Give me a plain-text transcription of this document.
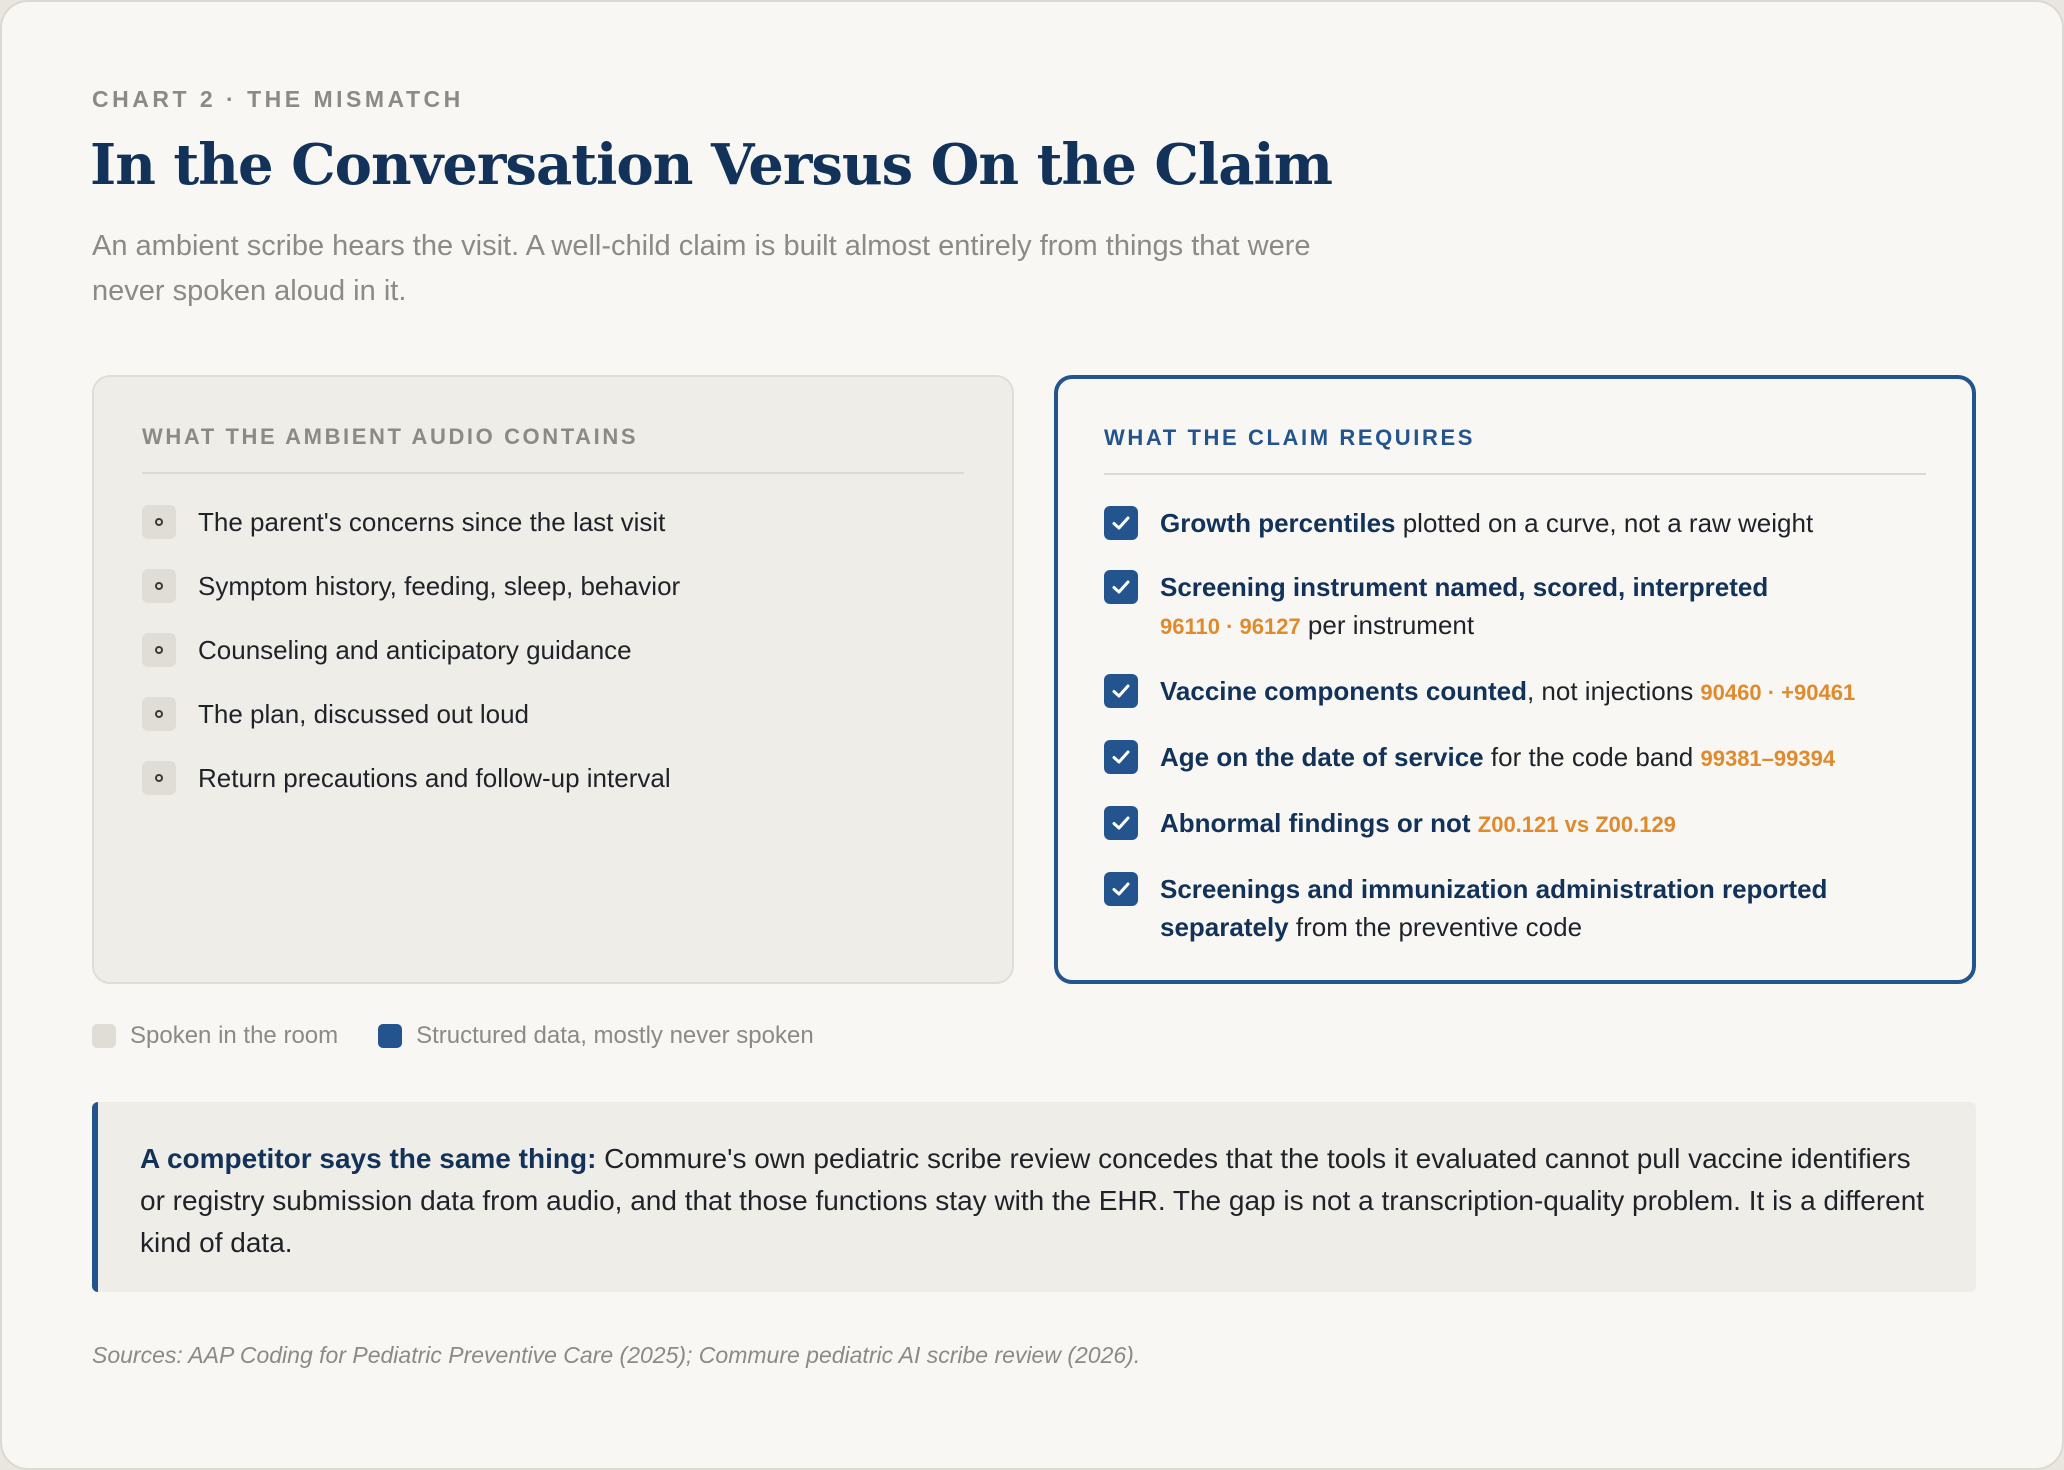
CHART 2 · THE MISMATCH
In the Conversation Versus On the Claim

An ambient scribe hears the visit. A well-child claim is built almost entirely from things that were never spoken aloud in it.

WHAT THE AMBIENT AUDIO CONTAINS
The parent's concerns since the last visit
Symptom history, feeding, sleep, behavior
Counseling and anticipatory guidance
The plan, discussed out loud
Return precautions and follow-up interval
WHAT THE CLAIM REQUIRES
Growth percentiles plotted on a curve, not a raw weight
Screening instrument named, scored, interpreted
96110 · 96127 per instrument
Vaccine components counted, not injections 90460 · +90461
Age on the date of service for the code band 99381–99394
Abnormal findings or not Z00.121 vs Z00.129
Screenings and immunization administration reported separately from the preventive code
Spoken in the room	Structured data, mostly never spoken
A competitor says the same thing: Commure's own pediatric scribe review concedes that the tools it evaluated cannot pull vaccine identifiers or registry submission data from audio, and that those functions stay with the EHR. The gap is not a transcription-quality problem. It is a different kind of data.
Sources: AAP Coding for Pediatric Preventive Care (2025); Commure pediatric AI scribe review (2026).
